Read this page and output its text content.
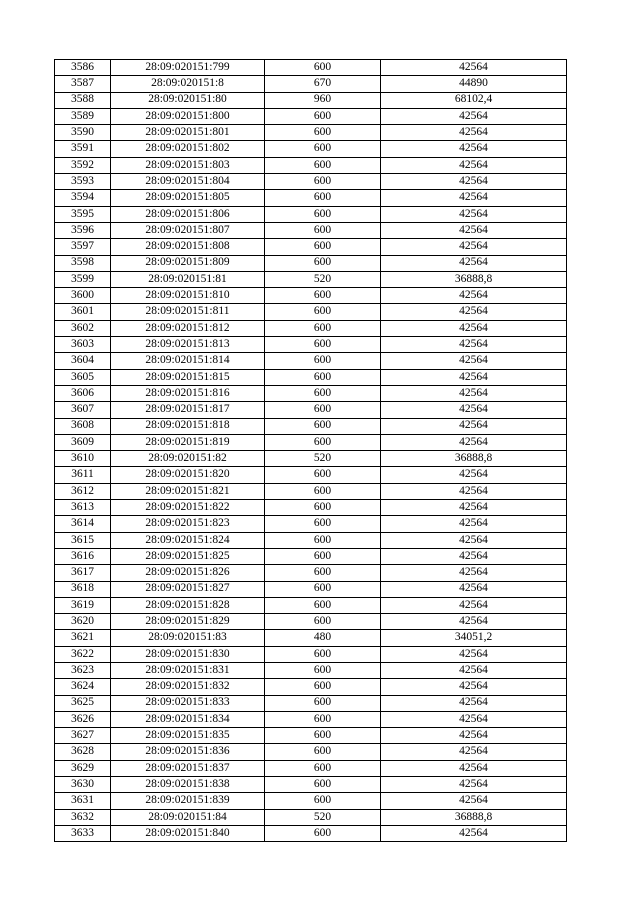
3586	28:09:020151:799	600	42564
3587	28:09:020151:8	670	44890
3588	28:09:020151:80	960	68102,4
3589	28:09:020151:800	600	42564
3590	28:09:020151:801	600	42564
3591	28:09:020151:802	600	42564
3592	28:09:020151:803	600	42564
3593	28:09:020151:804	600	42564
3594	28:09:020151:805	600	42564
3595	28:09:020151:806	600	42564
3596	28:09:020151:807	600	42564
3597	28:09:020151:808	600	42564
3598	28:09:020151:809	600	42564
3599	28:09:020151:81	520	36888,8
3600	28:09:020151:810	600	42564
3601	28:09:020151:811	600	42564
3602	28:09:020151:812	600	42564
3603	28:09:020151:813	600	42564
3604	28:09:020151:814	600	42564
3605	28:09:020151:815	600	42564
3606	28:09:020151:816	600	42564
3607	28:09:020151:817	600	42564
3608	28:09:020151:818	600	42564
3609	28:09:020151:819	600	42564
3610	28:09:020151:82	520	36888,8
3611	28:09:020151:820	600	42564
3612	28:09:020151:821	600	42564
3613	28:09:020151:822	600	42564
3614	28:09:020151:823	600	42564
3615	28:09:020151:824	600	42564
3616	28:09:020151:825	600	42564
3617	28:09:020151:826	600	42564
3618	28:09:020151:827	600	42564
3619	28:09:020151:828	600	42564
3620	28:09:020151:829	600	42564
3621	28:09:020151:83	480	34051,2
3622	28:09:020151:830	600	42564
3623	28:09:020151:831	600	42564
3624	28:09:020151:832	600	42564
3625	28:09:020151:833	600	42564
3626	28:09:020151:834	600	42564
3627	28:09:020151:835	600	42564
3628	28:09:020151:836	600	42564
3629	28:09:020151:837	600	42564
3630	28:09:020151:838	600	42564
3631	28:09:020151:839	600	42564
3632	28:09:020151:84	520	36888,8
3633	28:09:020151:840	600	42564
